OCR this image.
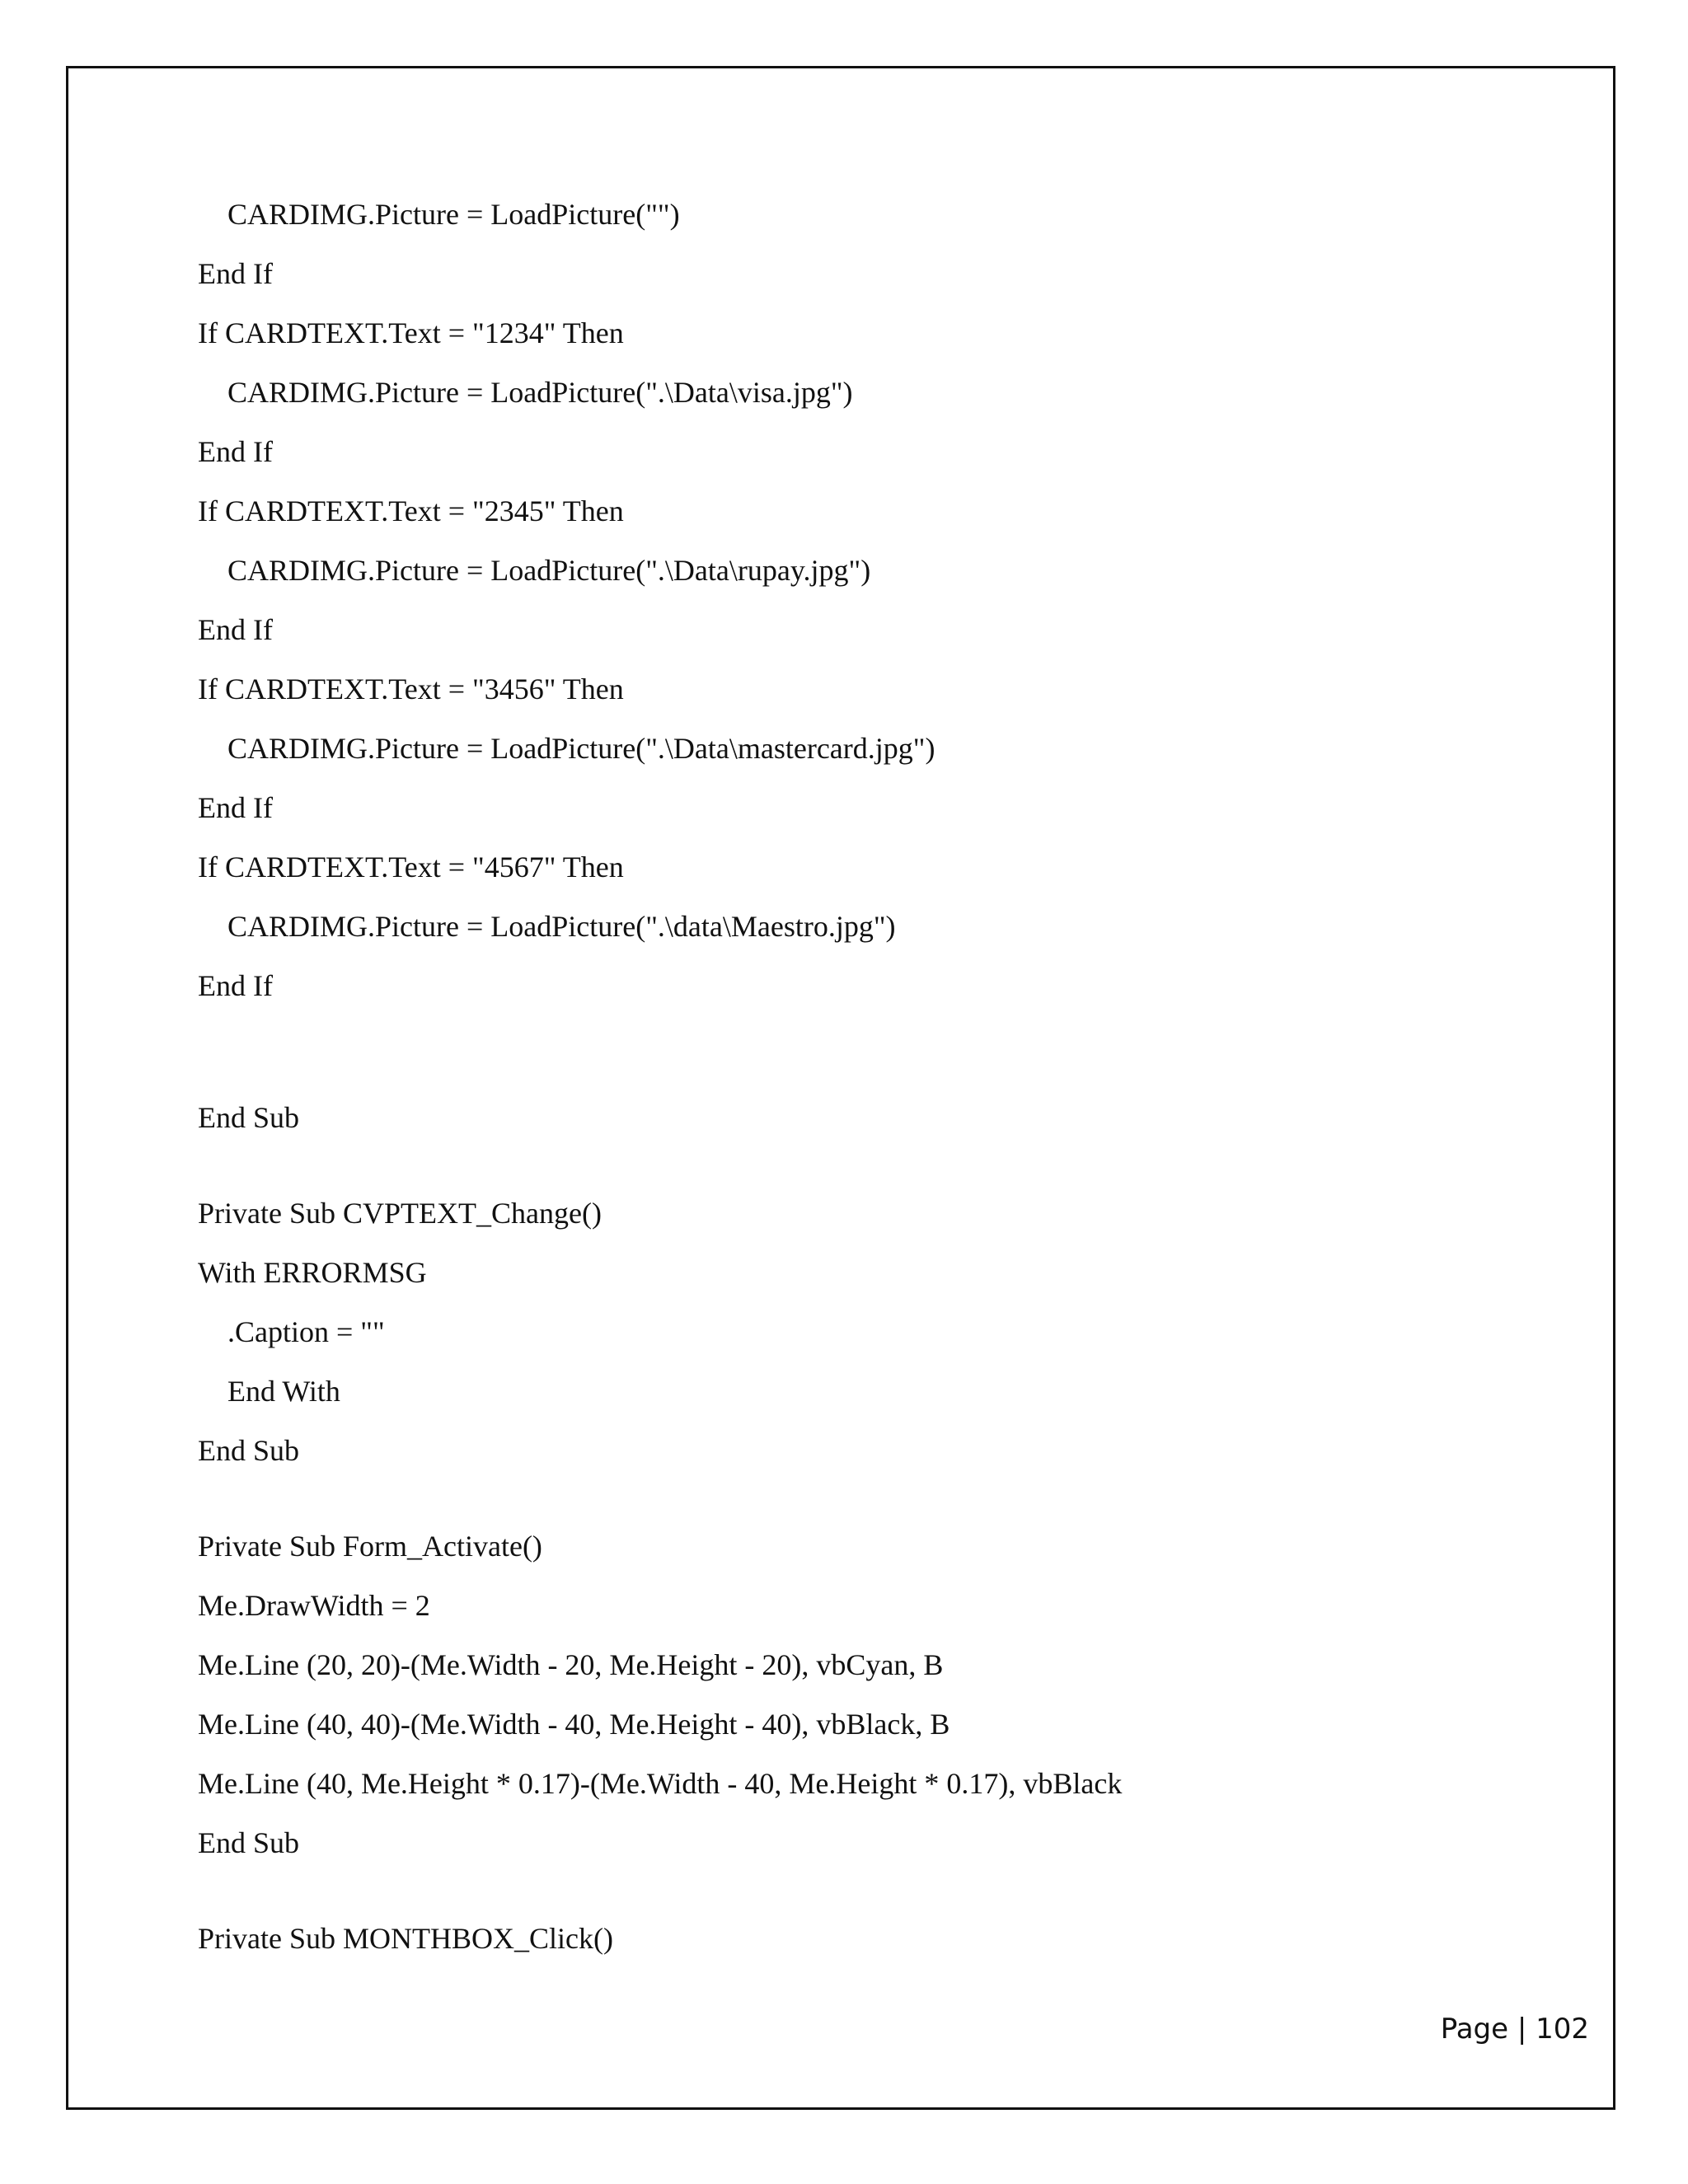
CARDIMG.Picture = LoadPicture("")
End If
If CARDTEXT.Text = "1234" Then
CARDIMG.Picture = LoadPicture(".\Data\visa.jpg")
End If
If CARDTEXT.Text = "2345" Then
CARDIMG.Picture = LoadPicture(".\Data\rupay.jpg")
End If
If CARDTEXT.Text = "3456" Then
CARDIMG.Picture = LoadPicture(".\Data\mastercard.jpg")
End If
If CARDTEXT.Text = "4567" Then
CARDIMG.Picture = LoadPicture(".\data\Maestro.jpg")
End If
End Sub
Private Sub CVPTEXT_Change()
With ERRORMSG
.Caption = ""
End With
End Sub
Private Sub Form_Activate()
Me.DrawWidth = 2
Me.Line (20, 20)-(Me.Width - 20, Me.Height - 20), vbCyan, B
Me.Line (40, 40)-(Me.Width - 40, Me.Height - 40), vbBlack, B
Me.Line (40, Me.Height * 0.17)-(Me.Width - 40, Me.Height * 0.17), vbBlack
End Sub
Private Sub MONTHBOX_Click()
Page | 102
